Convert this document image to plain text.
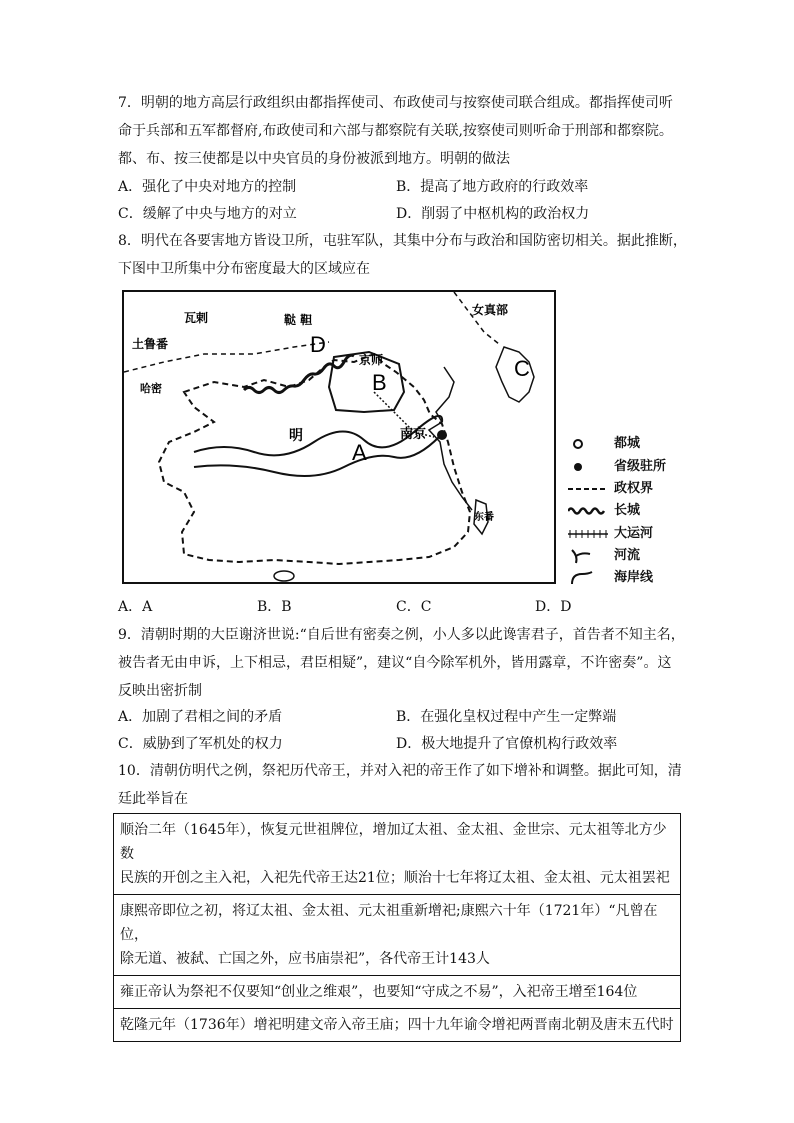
7．明朝的地方高层行政组织由都指挥使司、布政使司与按察使司联合组成。都指挥使司听
命于兵部和五军都督府,布政使司和六部与都察院有关联,按察使司则听命于刑部和都察院。
都、布、按三使都是以中央官员的身份被派到地方。明朝的做法
A．强化了中央对地方的控制	B．提高了地方政府的行政效率
C．缓解了中央与地方的对立	D．削弱了中枢机构的政治权力
8．明代在各要害地方皆设卫所，屯驻军队，其集中分布与政治和国防密切相关。据此推断，
下图中卫所集中分布密度最大的区域应在
土鲁番
哈密
鞑 靼
瓦剌
明	南京
京师
女真部
东番
A
B
C
D
都城
省级驻所
政权界
长城
大运河
河流
海岸线
A．A	B．B	C．C	D．D
9．清朝时期的大臣谢济世说:“自后世有密奏之例，小人多以此谗害君子，首告者不知主名，
被告者无由申诉，上下相忌，君臣相疑”，建议“自今除军机外，皆用露章，不许密奏”。这
反映出密折制
A．加剧了君相之间的矛盾	B．在强化皇权过程中产生一定弊端
C．威胁到了军机处的权力	D．极大地提升了官僚机构行政效率
10．清朝仿明代之例，祭祀历代帝王，并对入祀的帝王作了如下增补和调整。据此可知，清
廷此举旨在
顺治二年（1645年），恢复元世祖牌位，增加辽太祖、金太祖、金世宗、元太祖等北方少数
民族的开创之主入祀，入祀先代帝王达21位；顺治十七年将辽太祖、金太祖、元太祖罢祀

康熙帝即位之初，将辽太祖、金太祖、元太祖重新增祀;康熙六十年（1721年）“凡曾在位，
除无道、被弑、亡国之外，应书庙崇祀”，各代帝王计143人

雍正帝认为祭祀不仅要知“创业之维艰”，也要知“守成之不易”，入祀帝王增至164位

乾隆元年（1736年）增祀明建文帝入帝王庙；四十九年谕令增祀两晋南北朝及唐末五代时
